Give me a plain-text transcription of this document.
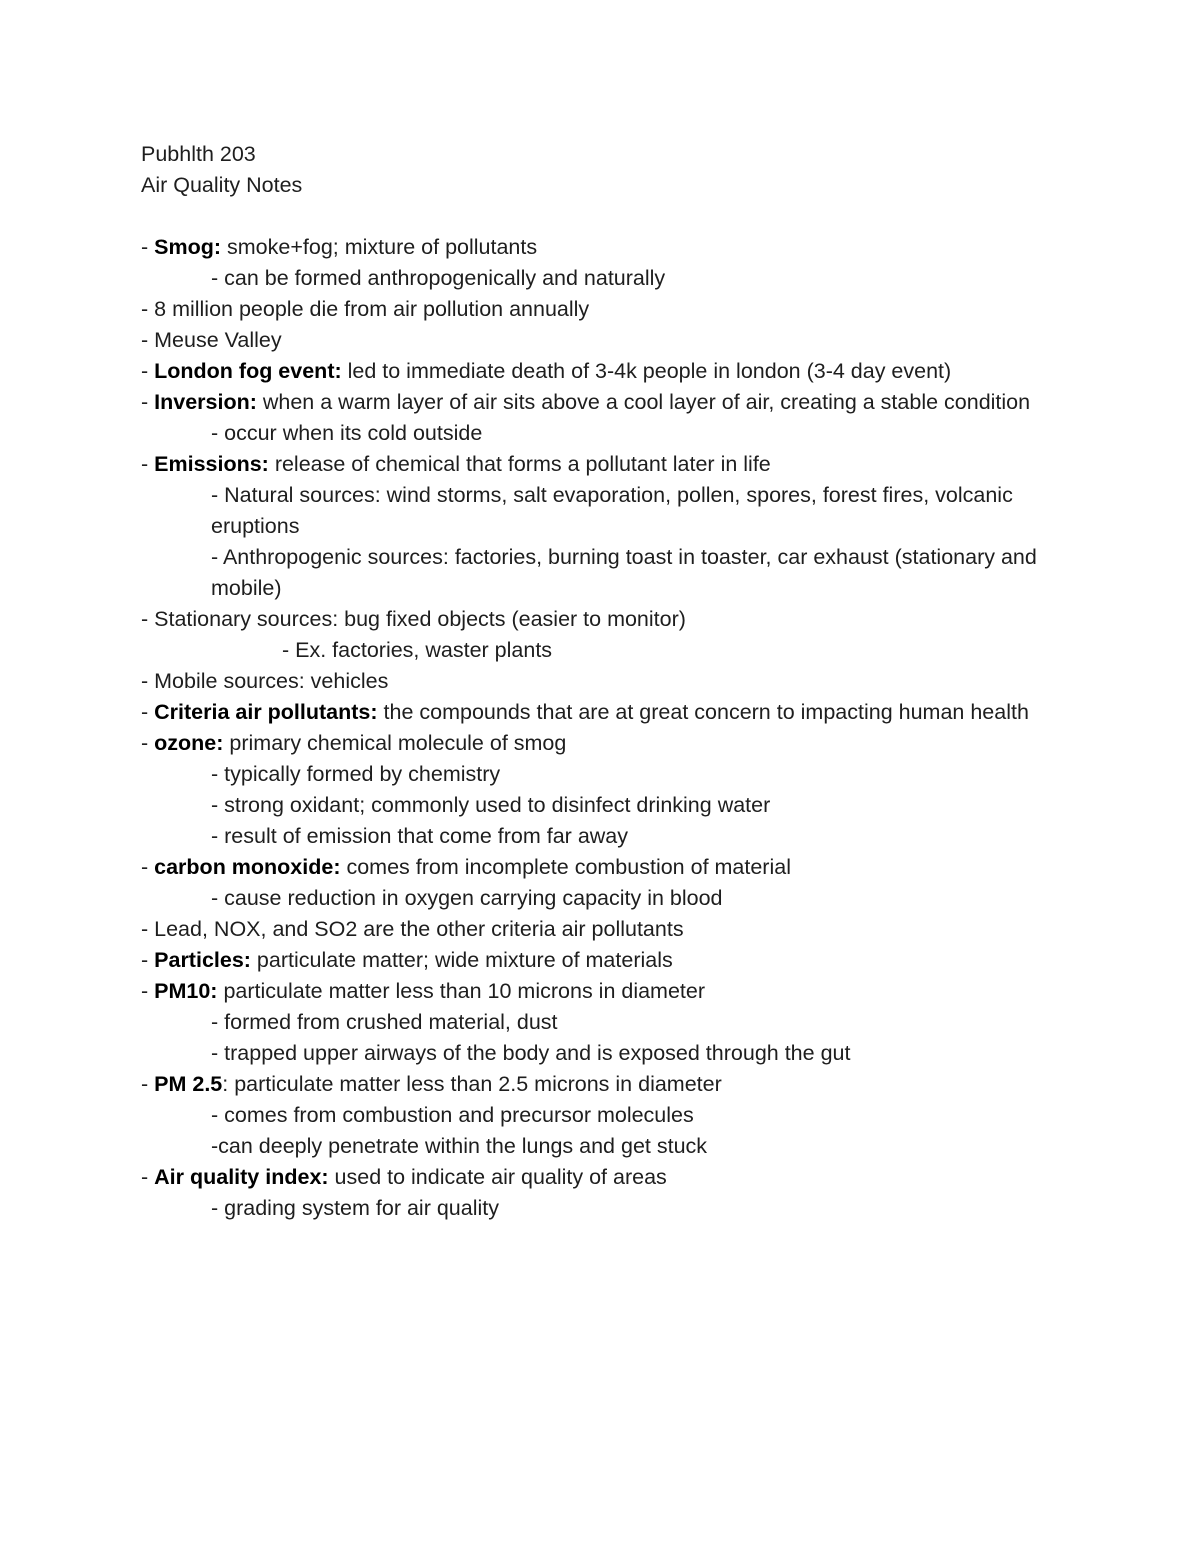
Pubhlth 203

Air Quality Notes

- Smog: smoke+fog; mixture of pollutants

- can be formed anthropogenically and naturally

- 8 million people die from air pollution annually

- Meuse Valley

- London fog event: led to immediate death of 3-4k people in london (3-4 day event)

- Inversion: when a warm layer of air sits above a cool layer of air, creating a stable condition

- occur when its cold outside

- Emissions: release of chemical that forms a pollutant later in life

- Natural sources: wind storms, salt evaporation, pollen, spores, forest fires, volcanic eruptions

- Anthropogenic sources: factories, burning toast in toaster, car exhaust (stationary and mobile)

- Stationary sources: bug fixed objects (easier to monitor)

- Ex. factories, waster plants

- Mobile sources: vehicles

- Criteria air pollutants: the compounds that are at great concern to impacting human health

- ozone: primary chemical molecule of smog

- typically formed by chemistry

- strong oxidant; commonly used to disinfect drinking water

- result of emission that come from far away

- carbon monoxide: comes from incomplete combustion of material

- cause reduction in oxygen carrying capacity in blood

- Lead, NOX, and SO2 are the other criteria air pollutants

- Particles: particulate matter; wide mixture of materials

- PM10: particulate matter less than 10 microns in diameter

- formed from crushed material, dust

- trapped upper airways of the body and is exposed through the gut

- PM 2.5: particulate matter less than 2.5 microns in diameter

- comes from combustion and precursor molecules

-can deeply penetrate within the lungs and get stuck

- Air quality index: used to indicate air quality of areas

- grading system for air quality
